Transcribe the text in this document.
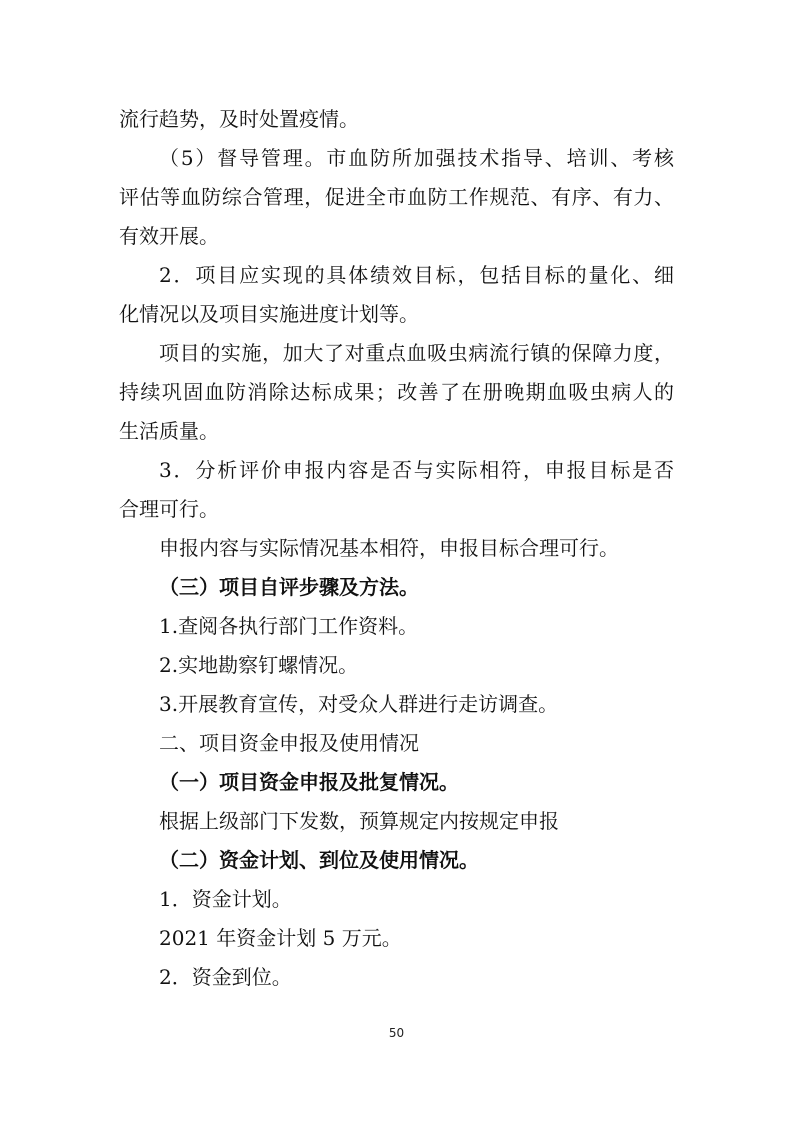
流行趋势，及时处置疫情。
（5）督导管理。市血防所加强技术指导、培训、考核
评估等血防综合管理，促进全市血防工作规范、有序、有力、
有效开展。
2．项目应实现的具体绩效目标，包括目标的量化、细
化情况以及项目实施进度计划等。
项目的实施，加大了对重点血吸虫病流行镇的保障力度，
持续巩固血防消除达标成果；改善了在册晚期血吸虫病人的
生活质量。
3．分析评价申报内容是否与实际相符，申报目标是否
合理可行。
申报内容与实际情况基本相符，申报目标合理可行。
（三）项目自评步骤及方法。
1.查阅各执行部门工作资料。
2.实地勘察钉螺情况。
3.开展教育宣传，对受众人群进行走访调查。
二、项目资金申报及使用情况
（一）项目资金申报及批复情况。
根据上级部门下发数，预算规定内按规定申报
（二）资金计划、到位及使用情况。
1．资金计划。
2021 年资金计划 5 万元。
2．资金到位。
50
